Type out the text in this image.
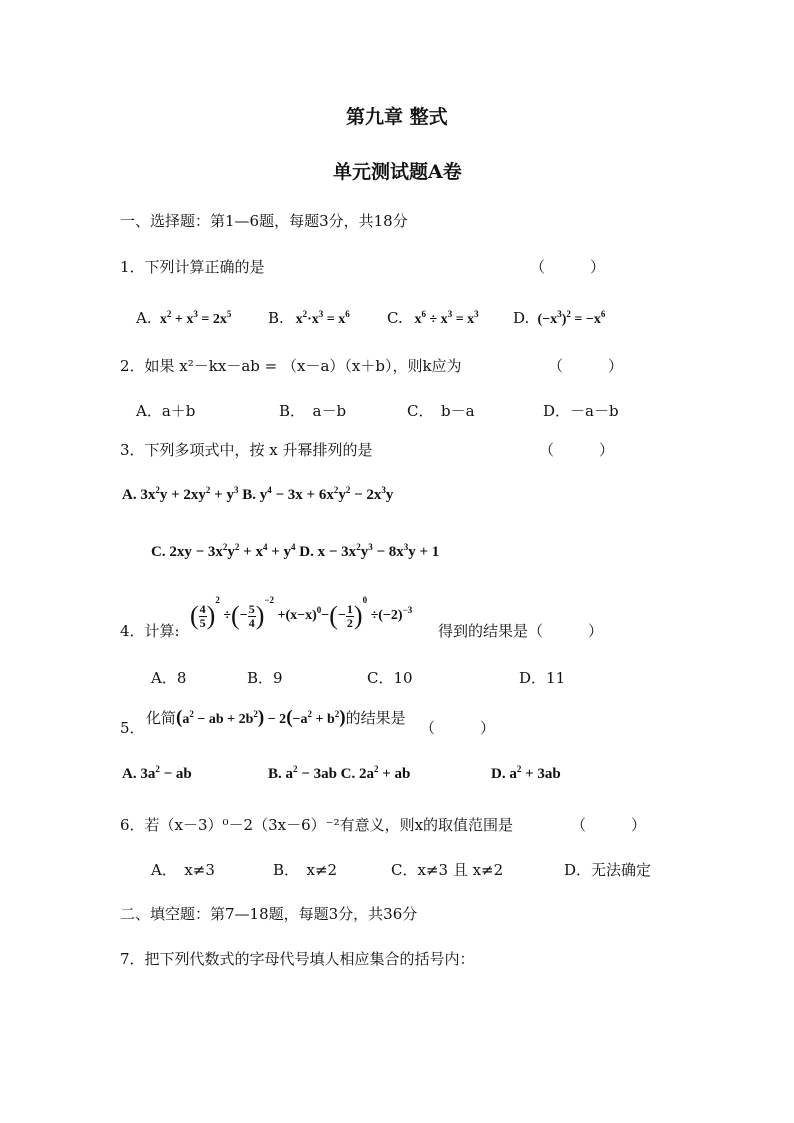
第九章 整式
单元测试题A卷
一、选择题：第1—6题，每题3分，共18分
1．下列计算正确的是	（　　　）
A.  $x^2 + x^3 = 2x^5$ B.   $x^2\cdot x^3 = x^6$ C.   $x^6 \div x^3 = x^3$ D.  $(-x^3)^2 = -x^6$
2．如果 x²－kx－ab = （x－a）（x＋b），则k应为	（　　　）
A．a＋b	B．　a－b	C．　b－a	D．－a－b
3．下列多项式中，按 x 升幂排列的是	（　　　）
A. $3x^2y + 2xy^2 + y^3$ B. $y^4 - 3x + 6x^2y^2 - 2x^3y$
C. $2xy - 3x^2y^2 + x^4 + y^4$ D. $x - 3x^2y^3 - 8x^3y + 1$
4．计算:
( $\frac{4}{5} )^2$ ÷(− $\frac{5}{4} )^{-2} +(x-x)^0-(- \frac{1}{2} )^0 \div(-2)^{-3}$
得到的结果是（　　　）
A．8	B．9	C．10	D．11
5．
化简($a^2$ − ab + $2b^2) - 2(-a^2 + b^2)$的结果是
（　　　）
A. $3a^2$ − ab	B. $a^2 - 3ab$ C. $2a^2$ + ab	D. $a^2 + 3ab$
6．若（x－3）⁰－2（3x－6）⁻²有意义，则x的取值范围是	（　　　）
A．　x≠3	B．　x≠2	C．x≠3 且 x≠2	D．无法确定
二、填空题：第7—18题，每题3分，共36分
7．把下列代数式的字母代号填人相应集合的括号内：
